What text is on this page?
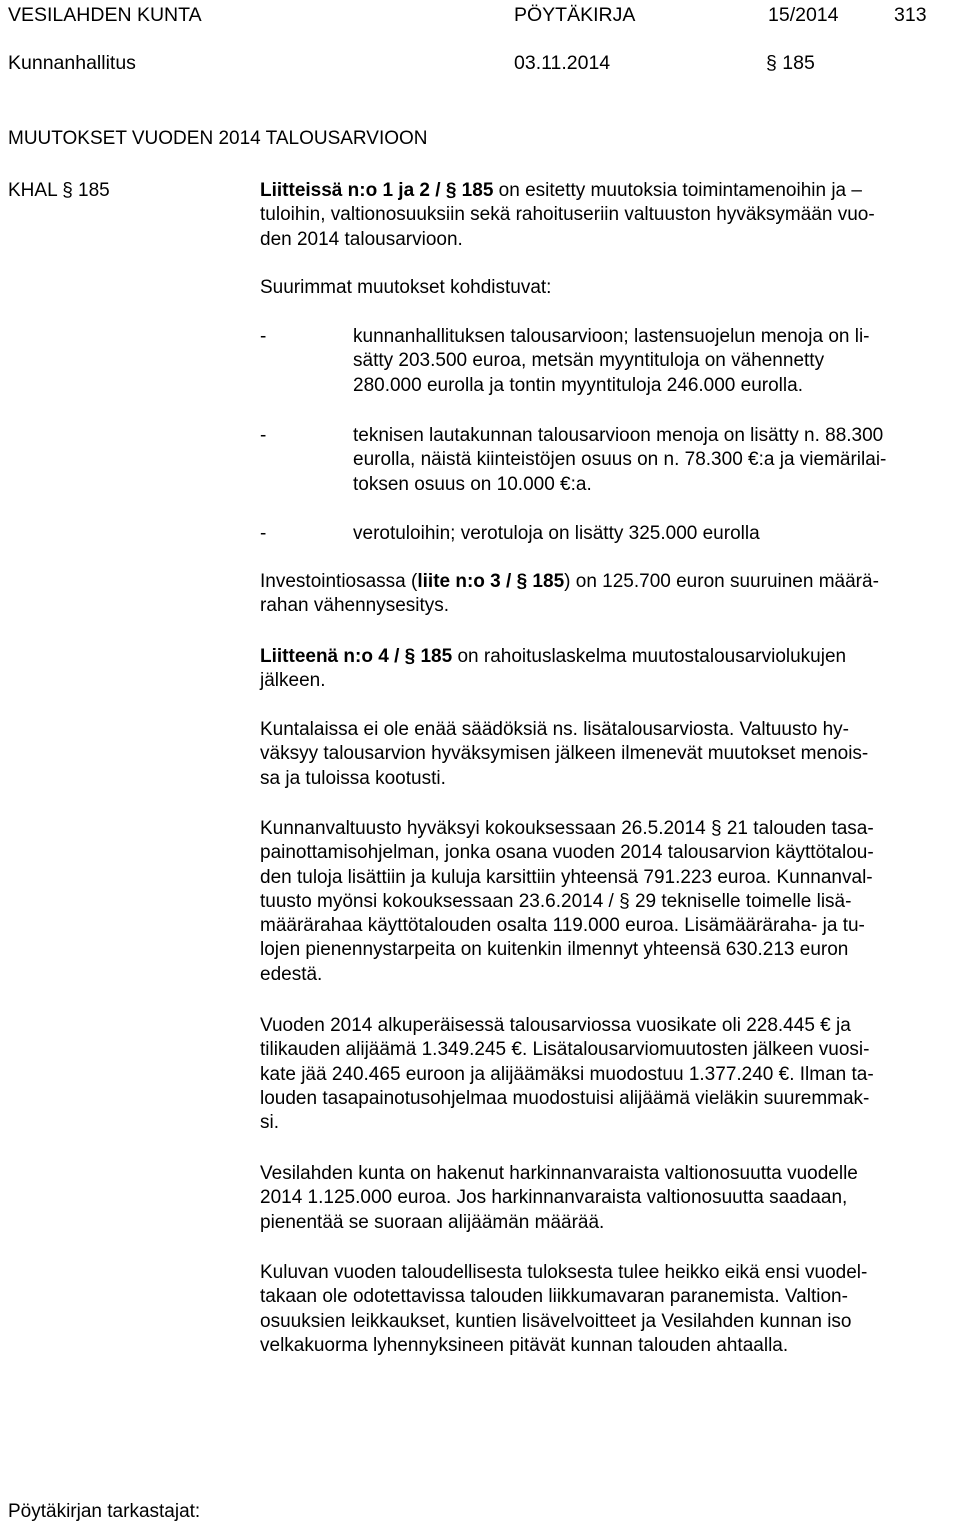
VESILAHDEN KUNTA	PÖYTÄKIRJA	15/2014	313
Kunnanhallitus	03.11.2014	§ 185
MUUTOKSET VUODEN 2014 TALOUSARVIOON
KHAL § 185	Liitteissä n:o 1 ja 2 / § 185 on esitetty muutoksia toimintamenoihin ja –
tuloihin, valtionosuuksiin sekä rahoituseriin valtuuston hyväksymään vuo-
den 2014 talousarvioon.
Suurimmat muutokset kohdistuvat:
-	kunnanhallituksen talousarvioon; lastensuojelun menoja on li-
sätty 203.500 euroa, metsän myyntituloja on vähennetty
280.000 eurolla ja tontin myyntituloja 246.000 eurolla.
-	teknisen lautakunnan talousarvioon menoja on lisätty n. 88.300
eurolla, näistä kiinteistöjen osuus on n. 78.300 €:a ja viemärilai-
toksen osuus on 10.000 €:a.
-	verotuloihin; verotuloja on lisätty 325.000 eurolla
Investointiosassa (liite n:o 3 / § 185) on 125.700 euron suuruinen määrä-
rahan vähennysesitys.
Liitteenä n:o 4 / § 185 on rahoituslaskelma muutostalousarviolukujen
jälkeen.
Kuntalaissa ei ole enää säädöksiä ns. lisätalousarviosta. Valtuusto hy-
väksyy talousarvion hyväksymisen jälkeen ilmenevät muutokset menois-
sa ja tuloissa kootusti.
Kunnanvaltuusto hyväksyi kokouksessaan 26.5.2014 § 21 talouden tasa-
painottamisohjelman, jonka osana vuoden 2014 talousarvion käyttötalou-
den tuloja lisättiin ja kuluja karsittiin yhteensä 791.223 euroa. Kunnanval-
tuusto myönsi kokouksessaan 23.6.2014 / § 29 tekniselle toimelle lisä-
määrärahaa käyttötalouden osalta 119.000 euroa. Lisämääräraha- ja tu-
lojen pienennystarpeita on kuitenkin ilmennyt yhteensä 630.213 euron
edestä.
Vuoden 2014 alkuperäisessä talousarviossa vuosikate oli 228.445 € ja
tilikauden alijäämä 1.349.245 €. Lisätalousarviomuutosten jälkeen vuosi-
kate jää 240.465 euroon ja alijäämäksi muodostuu 1.377.240 €. Ilman ta-
louden tasapainotusohjelmaa muodostuisi alijäämä vieläkin suuremmak-
si.
Vesilahden kunta on hakenut harkinnanvaraista valtionosuutta vuodelle
2014 1.125.000 euroa. Jos harkinnanvaraista valtionosuutta saadaan,
pienentää se suoraan alijäämän määrää.
Kuluvan vuoden taloudellisesta tuloksesta tulee heikko eikä ensi vuodel-
takaan ole odotettavissa talouden liikkumavaran paranemista. Valtion-
osuuksien leikkaukset, kuntien lisävelvoitteet ja Vesilahden kunnan iso
velkakuorma lyhennyksineen pitävät kunnan talouden ahtaalla.
Pöytäkirjan tarkastajat:
